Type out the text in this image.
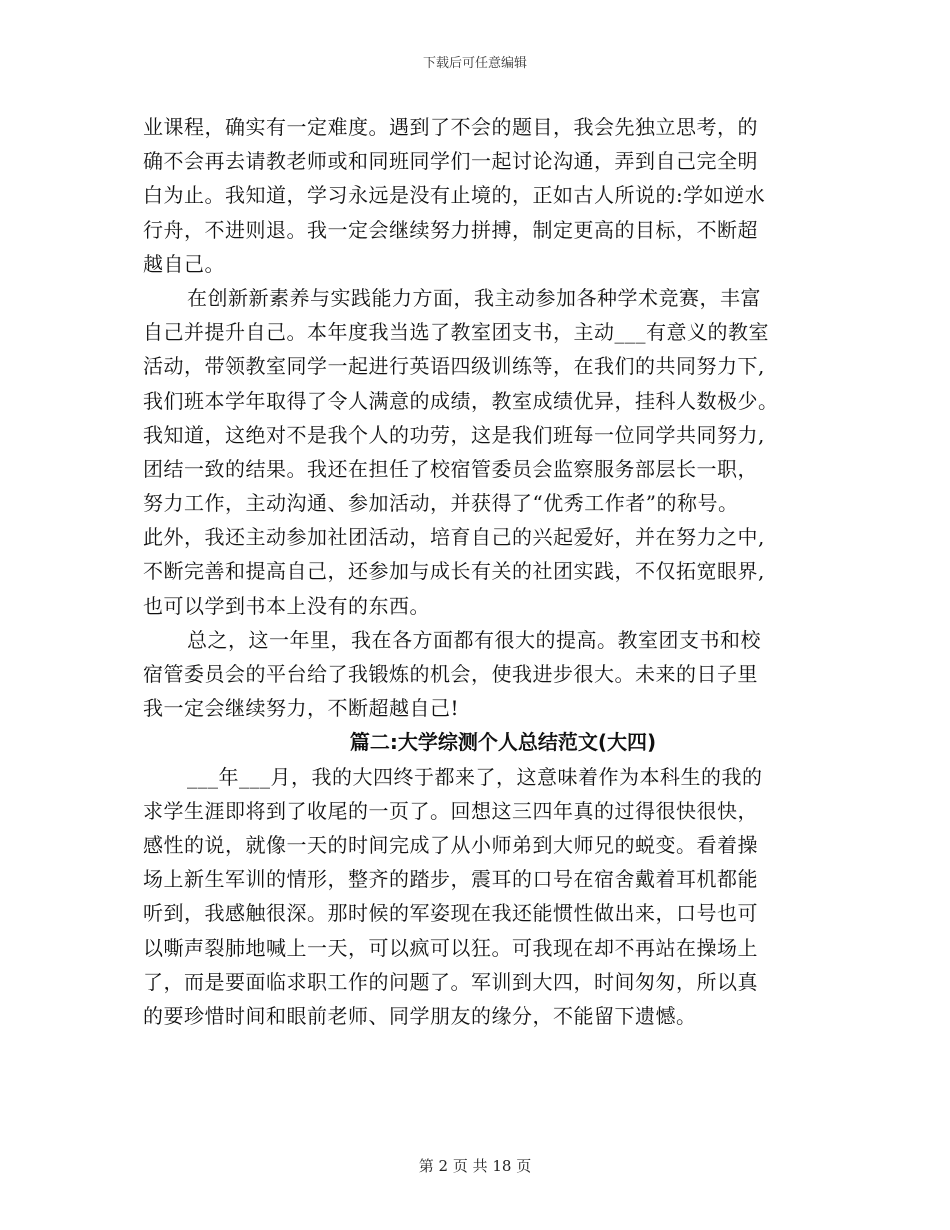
下载后可任意编辑
业课程，确实有一定难度。遇到了不会的题目，我会先独立思考，的
确不会再去请教老师或和同班同学们一起讨论沟通，弄到自己完全明
白为止。我知道，学习永远是没有止境的，正如古人所说的:学如逆水
行舟，不进则退。我一定会继续努力拼搏，制定更高的目标，不断超
越自己。
在创新新素养与实践能力方面，我主动参加各种学术竞赛，丰富
自己并提升自己。本年度我当选了教室团支书，主动___有意义的教室
活动，带领教室同学一起进行英语四级训练等，在我们的共同努力下,
我们班本学年取得了令人满意的成绩，教室成绩优异，挂科人数极少。
我知道，这绝对不是我个人的功劳，这是我们班每一位同学共同努力,
团结一致的结果。我还在担任了校宿管委员会监察服务部层长一职，
努力工作，主动沟通、参加活动，并获得了“优秀工作者”的称号。
此外，我还主动参加社团活动，培育自己的兴起爱好，并在努力之中,
不断完善和提高自己，还参加与成长有关的社团实践，不仅拓宽眼界,
也可以学到书本上没有的东西。
总之，这一年里，我在各方面都有很大的提高。教室团支书和校
宿管委员会的平台给了我锻炼的机会，使我进步很大。未来的日子里
我一定会继续努力，不断超越自己!
篇二:大学综测个人总结范文(大四)
___年___月，我的大四终于都来了，这意味着作为本科生的我的
求学生涯即将到了收尾的一页了。回想这三四年真的过得很快很快，
感性的说，就像一天的时间完成了从小师弟到大师兄的蜕变。看着操
场上新生军训的情形，整齐的踏步，震耳的口号在宿舍戴着耳机都能
听到，我感触很深。那时候的军姿现在我还能惯性做出来，口号也可
以嘶声裂肺地喊上一天，可以疯可以狂。可我现在却不再站在操场上
了，而是要面临求职工作的问题了。军训到大四，时间匆匆，所以真
的要珍惜时间和眼前老师、同学朋友的缘分，不能留下遗憾。
第 2 页 共 18 页
